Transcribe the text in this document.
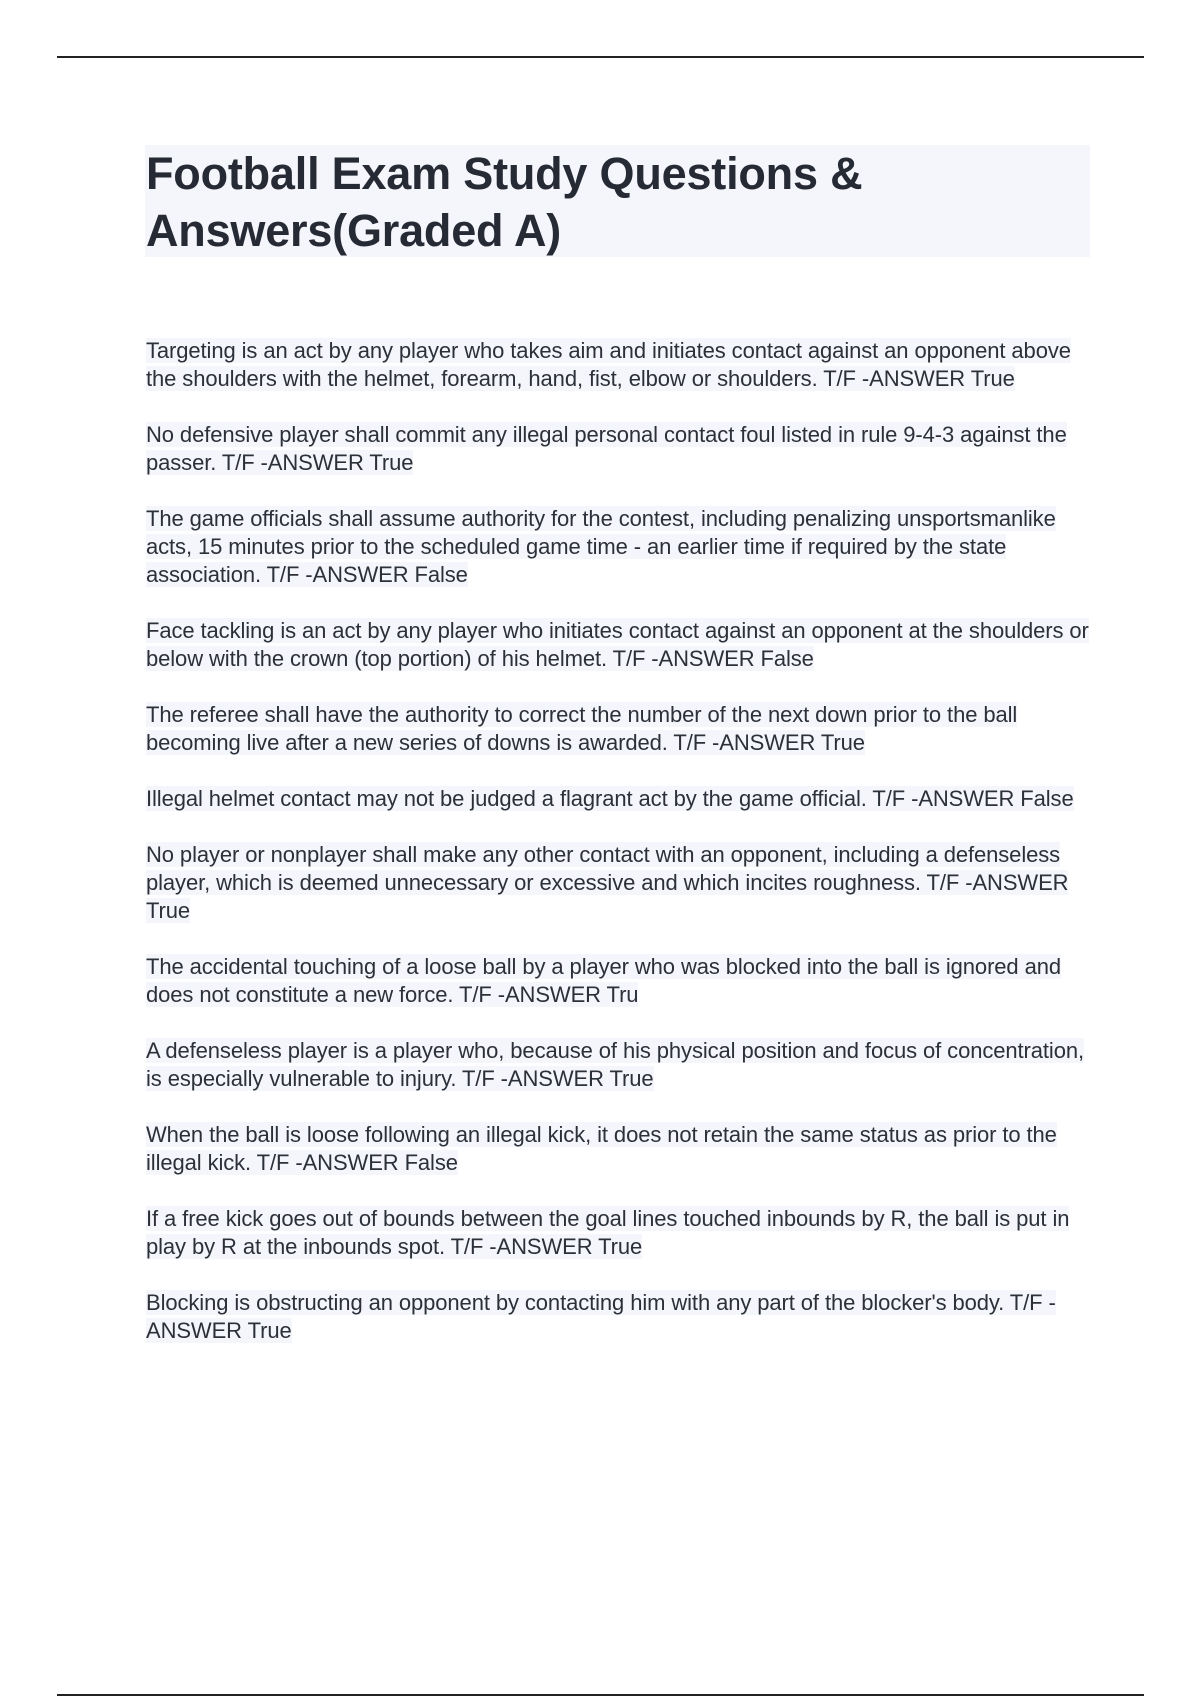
Football Exam Study Questions & Answers(Graded A)

Targeting is an act by any player who takes aim and initiates contact against an opponent above the shoulders with the helmet, forearm, hand, fist, elbow or shoulders. T/F -ANSWER True

No defensive player shall commit any illegal personal contact foul listed in rule 9-4-3 against the passer. T/F -ANSWER True

The game officials shall assume authority for the contest, including penalizing unsportsmanlike acts, 15 minutes prior to the scheduled game time - an earlier time if required by the state association. T/F -ANSWER False

Face tackling is an act by any player who initiates contact against an opponent at the shoulders or below with the crown (top portion) of his helmet. T/F -ANSWER False

The referee shall have the authority to correct the number of the next down prior to the ball becoming live after a new series of downs is awarded. T/F -ANSWER True

Illegal helmet contact may not be judged a flagrant act by the game official. T/F -ANSWER False

No player or nonplayer shall make any other contact with an opponent, including a defenseless player, which is deemed unnecessary or excessive and which incites roughness. T/F -ANSWER True

The accidental touching of a loose ball by a player who was blocked into the ball is ignored and does not constitute a new force. T/F -ANSWER Tru

A defenseless player is a player who, because of his physical position and focus of concentration, is especially vulnerable to injury. T/F -ANSWER True

When the ball is loose following an illegal kick, it does not retain the same status as prior to the illegal kick. T/F -ANSWER False

If a free kick goes out of bounds between the goal lines touched inbounds by R, the ball is put in play by R at the inbounds spot. T/F -ANSWER True

Blocking is obstructing an opponent by contacting him with any part of the blocker's body. T/F -ANSWER True
